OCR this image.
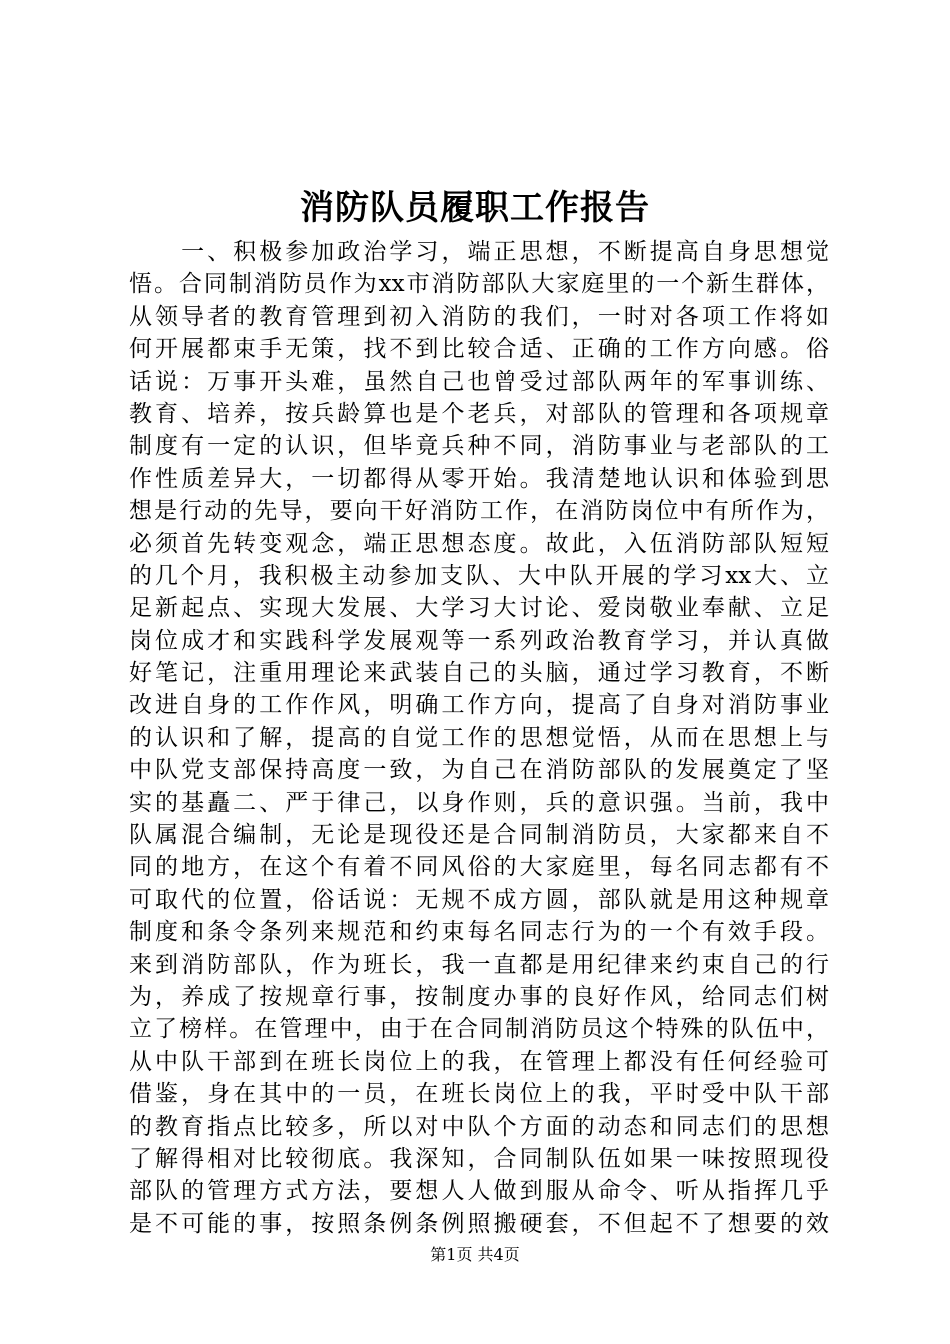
消防队员履职工作报告
　　一、积极参加政治学习，端正思想，不断提高自身思想觉
悟。合同制消防员作为xx市消防部队大家庭里的一个新生群体，
从领导者的教育管理到初入消防的我们，一时对各项工作将如
何开展都束手无策，找不到比较合适、正确的工作方向感。俗
话说：万事开头难，虽然自己也曾受过部队两年的军事训练、
教育、培养，按兵龄算也是个老兵，对部队的管理和各项规章
制度有一定的认识，但毕竟兵种不同，消防事业与老部队的工
作性质差异大，一切都得从零开始。我清楚地认识和体验到思
想是行动的先导，要向干好消防工作，在消防岗位中有所作为，
必须首先转变观念，端正思想态度。故此，入伍消防部队短短
的几个月，我积极主动参加支队、大中队开展的学习xx大、立
足新起点、实现大发展、大学习大讨论、爱岗敬业奉献、立足
岗位成才和实践科学发展观等一系列政治教育学习，并认真做
好笔记，注重用理论来武装自己的头脑，通过学习教育，不断
改进自身的工作作风，明确工作方向，提高了自身对消防事业
的认识和了解，提高的自觉工作的思想觉悟，从而在思想上与
中队党支部保持高度一致，为自己在消防部队的发展奠定了坚
实的基矗二、严于律己，以身作则，兵的意识强。当前，我中
队属混合编制，无论是现役还是合同制消防员，大家都来自不
同的地方，在这个有着不同风俗的大家庭里，每名同志都有不
可取代的位置，俗话说：无规不成方圆，部队就是用这种规章
制度和条令条列来规范和约束每名同志行为的一个有效手段。
来到消防部队，作为班长，我一直都是用纪律来约束自己的行
为，养成了按规章行事，按制度办事的良好作风，给同志们树
立了榜样。在管理中，由于在合同制消防员这个特殊的队伍中，
从中队干部到在班长岗位上的我，在管理上都没有任何经验可
借鉴，身在其中的一员，在班长岗位上的我，平时受中队干部
的教育指点比较多，所以对中队个方面的动态和同志们的思想
了解得相对比较彻底。我深知，合同制队伍如果一味按照现役
部队的管理方式方法，要想人人做到服从命令、听从指挥几乎
是不可能的事，按照条例条例照搬硬套，不但起不了想要的效
第1页 共4页
